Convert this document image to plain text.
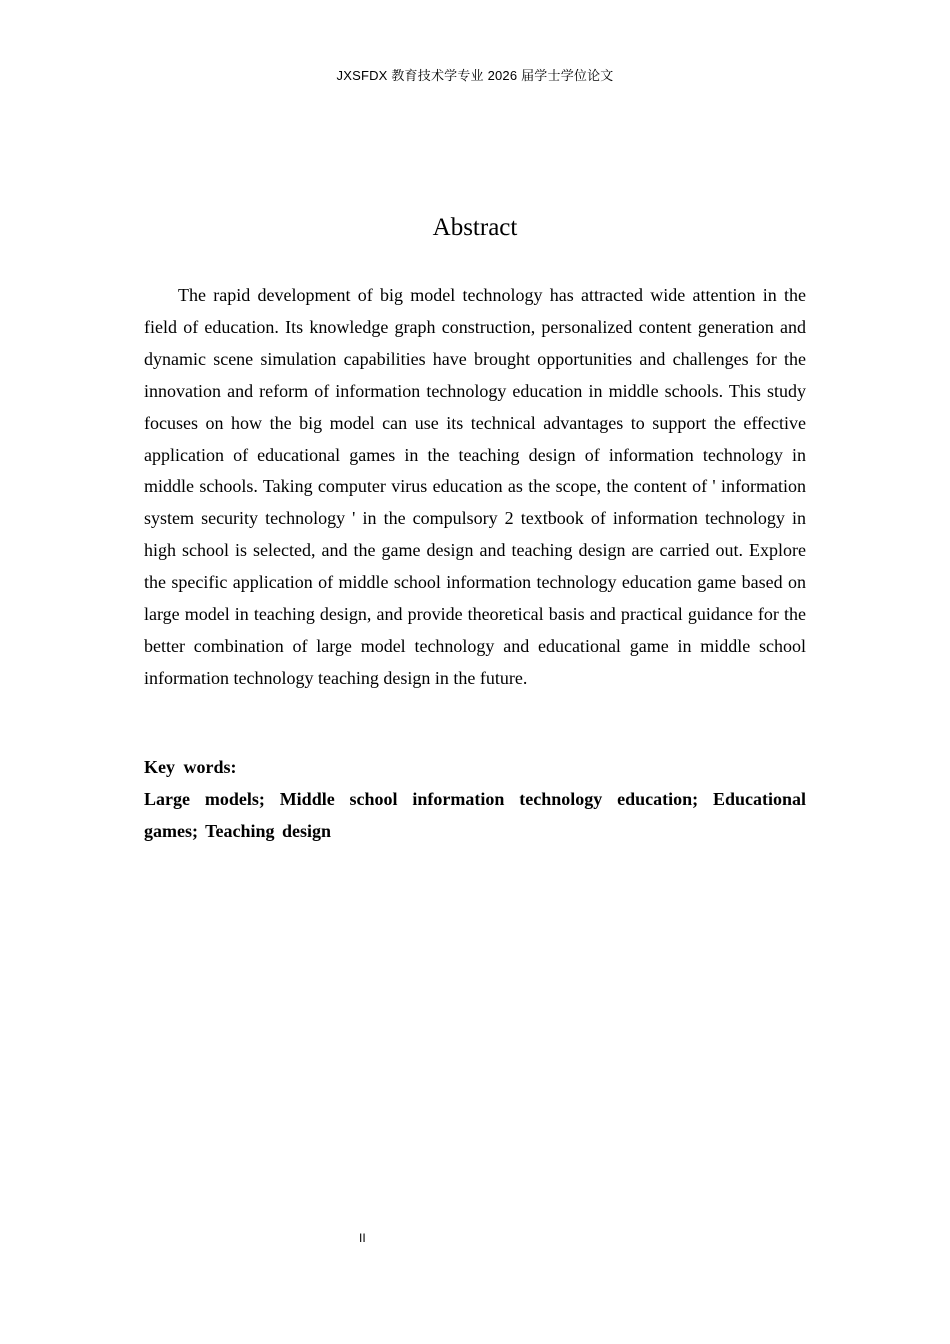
JXSFDX 教育技术学专业 2026 届学士学位论文
Abstract

The rapid development of big model technology has attracted wide attention in the field of education. Its knowledge graph construction, personalized content generation and dynamic scene simulation capabilities have brought opportunities and challenges for the innovation and reform of information technology education in middle schools. This study focuses on how the big model can use its technical advantages to support the effective application of educational games in the teaching design of information technology in middle schools. Taking computer virus education as the scope, the content of ' information system security technology ' in the compulsory 2 textbook of information technology in high school is selected, and the game design and teaching design are carried out. Explore the specific application of middle school information technology education game based on large model in teaching design, and provide theoretical basis and practical guidance for the better combination of large model technology and educational game in middle school information technology teaching design in the future.

Key words:

Large models; Middle school information technology education; Educational games; Teaching design

II
